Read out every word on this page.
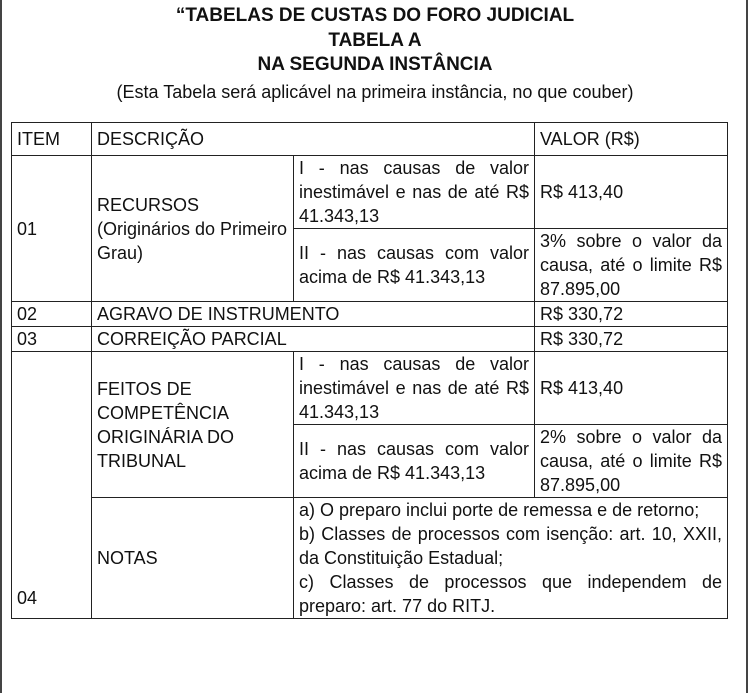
“TABELAS DE CUSTAS DO FORO JUDICIAL
TABELA A
NA SEGUNDA INSTÂNCIA
(Esta Tabela será aplicável na primeira instância, no que couber)
ITEM	DESCRIÇÃO		VALOR (R$)
01	RECURSOS (Originários do Primeiro Grau)	I - nas causas de valor inestimável e nas de até R$ 41.343,13	R$ 413,40
		II - nas causas com valor acima de R$ 41.343,13	3% sobre o valor da causa, até o limite R$ 87.895,00
02	AGRAVO DE INSTRUMENTO		R$ 330,72
03	CORREIÇÃO PARCIAL		R$ 330,72
04	FEITOS DE COMPETÊNCIA ORIGINÁRIA DO TRIBUNAL	I - nas causas de valor inestimável e nas de até R$ 41.343,13	R$ 413,40
		II - nas causas com valor acima de R$ 41.343,13	2% sobre o valor da causa, até o limite R$ 87.895,00
	NOTAS	a) O preparo inclui porte de remessa e de retorno;
b) Classes de processos com isenção: art. 10, XXII, da Constituição Estadual;
c) Classes de processos que independem de preparo: art. 77 do RITJ.	
